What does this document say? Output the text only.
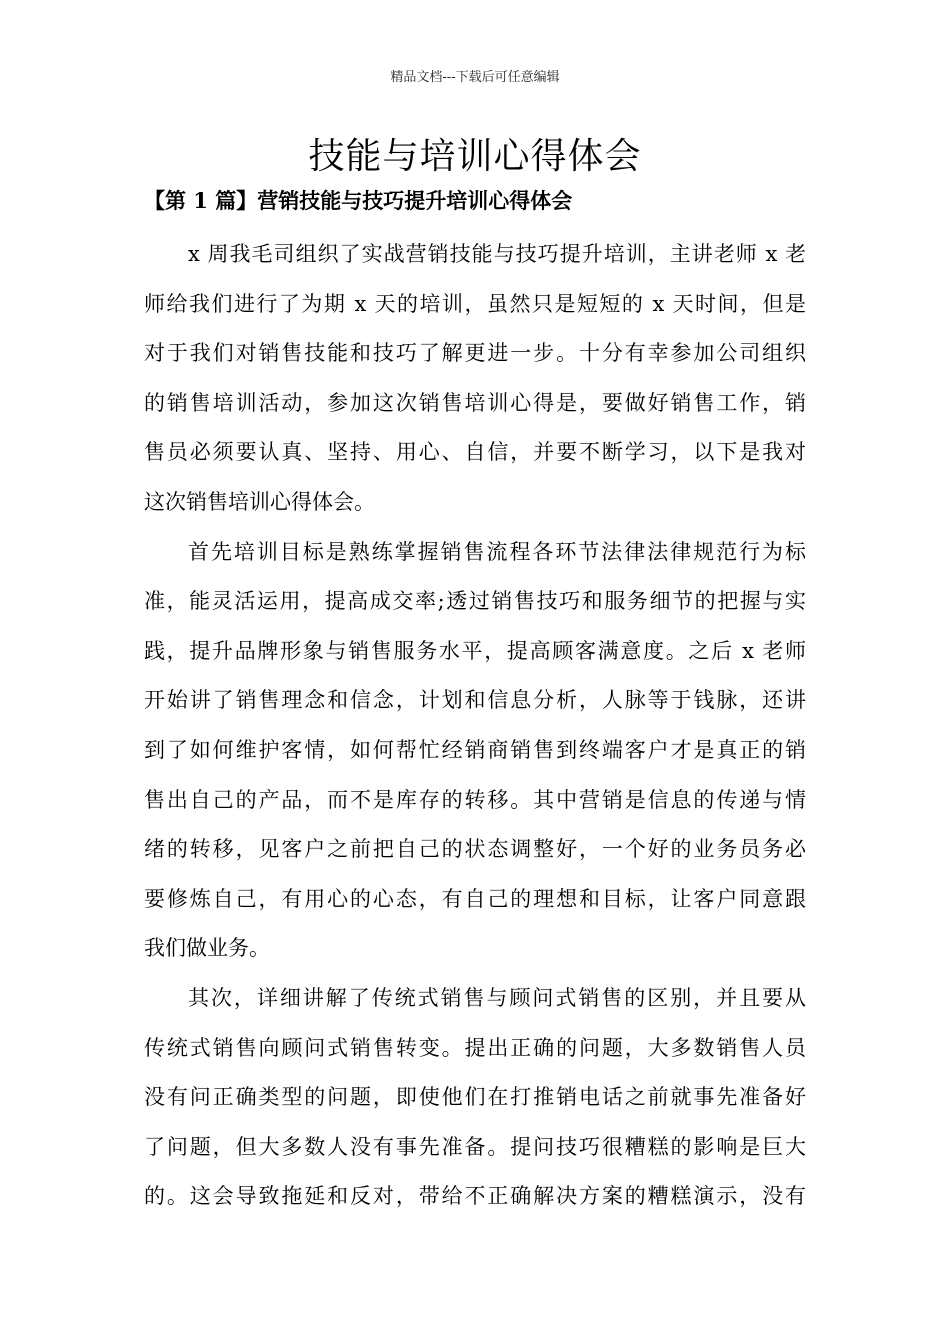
精品文档---下载后可任意编辑
技能与培训心得体会
【第 1 篇】营销技能与技巧提升培训心得体会

x 周我毛司组织了实战营销技能与技巧提升培训，主讲老师 x 老
师给我们进行了为期 x 天的培训，虽然只是短短的 x 天时间，但是
对于我们对销售技能和技巧了解更进一步。十分有幸参加公司组织
的销售培训活动，参加这次销售培训心得是，要做好销售工作，销
售员必须要认真、坚持、用心、自信，并要不断学习，以下是我对
这次销售培训心得体会。

首先培训目标是熟练掌握销售流程各环节法律法律规范行为标
准，能灵活运用，提高成交率;透过销售技巧和服务细节的把握与实
践，提升品牌形象与销售服务水平，提高顾客满意度。之后 x 老师
开始讲了销售理念和信念，计划和信息分析，人脉等于钱脉，还讲
到了如何维护客情，如何帮忙经销商销售到终端客户才是真正的销
售出自己的产品，而不是库存的转移。其中营销是信息的传递与情
绪的转移，见客户之前把自己的状态调整好，一个好的业务员务必
要修炼自己，有用心的心态，有自己的理想和目标，让客户同意跟
我们做业务。

其次，详细讲解了传统式销售与顾问式销售的区别，并且要从
传统式销售向顾问式销售转变。提出正确的问题，大多数销售人员
没有问正确类型的问题，即使他们在打推销电话之前就事先准备好
了问题，但大多数人没有事先准备。提问技巧很糟糕的影响是巨大
的。这会导致拖延和反对，带给不正确解决方案的糟糕演示，没有
